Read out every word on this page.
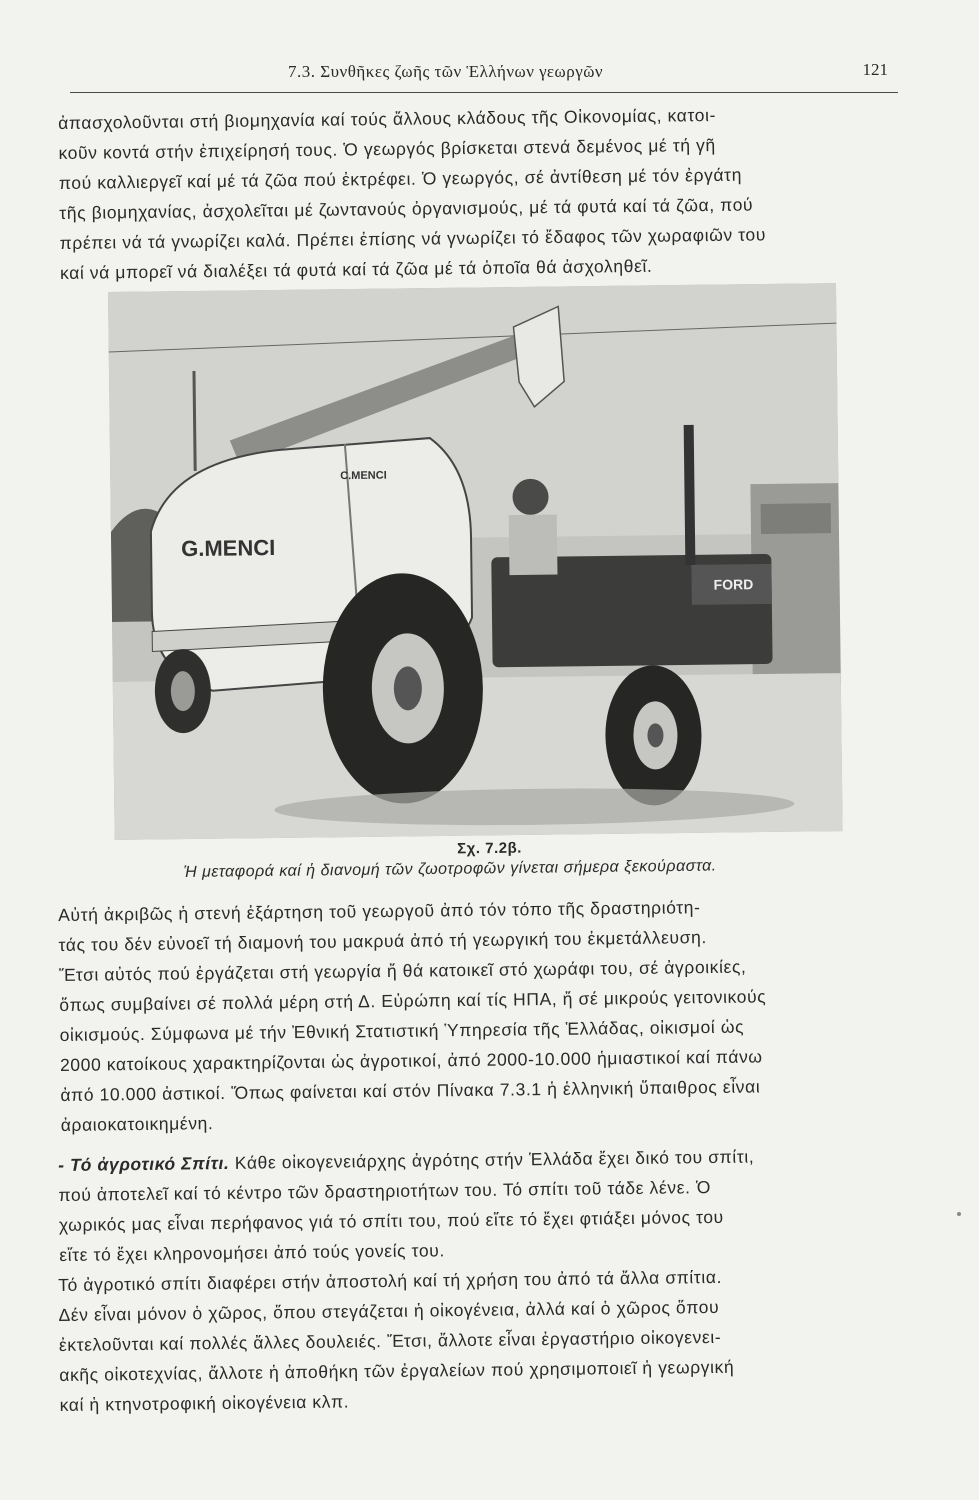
7.3. Συνθῆκες ζωῆς τῶν Ἑλλήνων γεωργῶν	121
ἀπασχολοῦνται στή βιομηχανία καί τούς ἄλλους κλάδους τῆς Οἰκονομίας, κατοι-
κοῦν κοντά στήν ἐπιχείρησή τους. Ὁ γεωργός βρίσκεται στενά δεμένος μέ τή γῆ
πού καλλιεργεῖ καί μέ τά ζῶα πού ἐκτρέφει. Ὁ γεωργός, σέ ἀντίθεση μέ τόν ἐργάτη
τῆς βιομηχανίας, ἀσχολεῖται μέ ζωντανούς ὀργανισμούς, μέ τά φυτά καί τά ζῶα, πού
πρέπει νά τά γνωρίζει καλά. Πρέπει ἐπίσης νά γνωρίζει τό ἔδαφος τῶν χωραφιῶν του
καί νά μπορεῖ νά διαλέξει τά φυτά καί τά ζῶα μέ τά ὁποῖα θά ἀσχοληθεῖ.
G.MENCI
C.MENCI
FORD
Σχ. 7.2β.
Ἡ μεταφορά καί ἡ διανομή τῶν ζωοτροφῶν γίνεται σήμερα ξεκούραστα.
Αὐτή ἀκριβῶς ἡ στενή ἐξάρτηση τοῦ γεωργοῦ ἀπό τόν τόπο τῆς δραστηριότη-
τάς του δέν εὐνοεῖ τή διαμονή του μακρυά ἀπό τή γεωργική του ἐκμετάλλευση.
Ἔτσι αὐτός πού ἐργάζεται στή γεωργία ἤ θά κατοικεῖ στό χωράφι του, σέ ἀγροικίες,
ὅπως συμβαίνει σέ πολλά μέρη στή Δ. Εὐρώπη καί τίς ΗΠΑ, ἤ σέ μικρούς γειτονικούς
οἰκισμούς. Σύμφωνα μέ τήν Ἐθνική Στατιστική Ὑπηρεσία τῆς Ἑλλάδας, οἰκισμοί ὡς
2000 κατοίκους χαρακτηρίζονται ὡς ἀγροτικοί, ἀπό 2000-10.000 ἡμιαστικοί καί πάνω
ἀπό 10.000 ἀστικοί. Ὅπως φαίνεται καί στόν Πίνακα 7.3.1 ἡ ἑλληνική ὕπαιθρος εἶναι
ἀραιοκατοικημένη.
- Τό ἀγροτικό Σπίτι. Κάθε οἰκογενειάρχης ἀγρότης στήν Ἑλλάδα ἔχει δικό του σπίτι,
πού ἀποτελεῖ καί τό κέντρο τῶν δραστηριοτήτων του. Τό σπίτι τοῦ τάδε λένε. Ὁ
χωρικός μας εἶναι περήφανος γιά τό σπίτι του, πού εἴτε τό ἔχει φτιάξει μόνος του
εἴτε τό ἔχει κληρονομήσει ἀπό τούς γονείς του.
Τό ἀγροτικό σπίτι διαφέρει στήν ἀποστολή καί τή χρήση του ἀπό τά ἄλλα σπίτια.
Δέν εἶναι μόνον ὁ χῶρος, ὅπου στεγάζεται ἡ οἰκογένεια, ἀλλά καί ὁ χῶρος ὅπου
ἐκτελοῦνται καί πολλές ἄλλες δουλειές. Ἔτσι, ἄλλοτε εἶναι ἐργαστήριο οἰκογενει-
ακῆς οἰκοτεχνίας, ἄλλοτε ἡ ἀποθήκη τῶν ἐργαλείων πού χρησιμοποιεῖ ἡ γεωργική
καί ἡ κτηνοτροφική οἰκογένεια κλπ.
